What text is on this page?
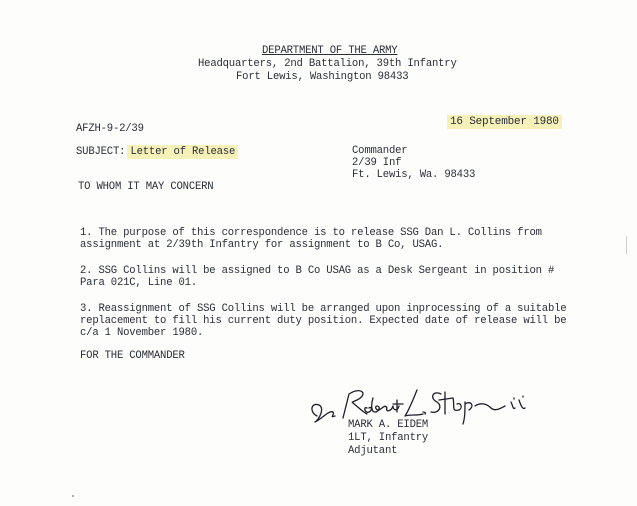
DEPARTMENT OF THE ARMY
Headquarters, 2nd Battalion, 39th Infantry
Fort Lewis, Washington 98433
AFZH-9-2/39
16 September 1980
SUBJECT: Letter of Release	Commander
2/39 Inf
Ft. Lewis, Wa. 98433
TO WHOM IT MAY CONCERN
1. The purpose of this correspondence is to release SSG Dan L. Collins from
assignment at 2/39th Infantry for assignment to B Co, USAG.
2. SSG Collins will be assigned to B Co USAG as a Desk Sergeant in position #
Para 021C, Line 01.
3. Reassignment of SSG Collins will be arranged upon inprocessing of a suitable
replacement to fill his current duty position. Expected date of release will be
c/a 1 November 1980.
FOR THE COMMANDER
MARK A. EIDEM
1LT, Infantry
Adjutant
